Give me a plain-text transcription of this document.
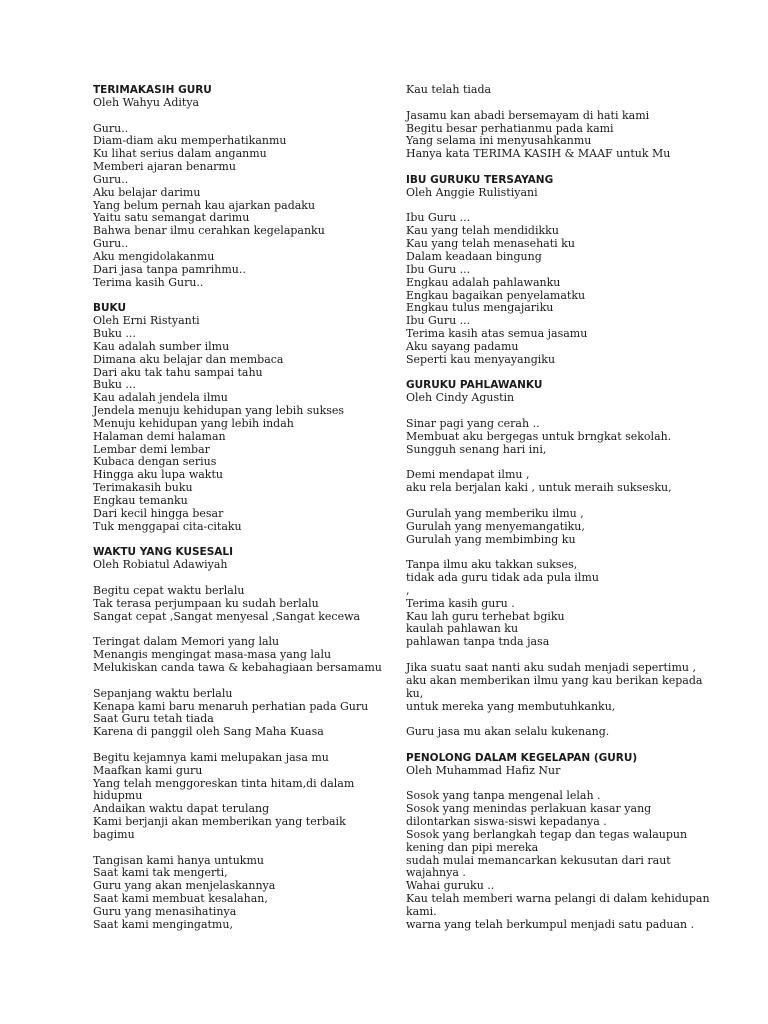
TERIMAKASIH GURU
Oleh Wahyu Aditya
Guru..
Diam-diam aku memperhatikanmu
Ku lihat serius dalam anganmu
Memberi ajaran benarmu
Guru..
Aku belajar darimu
Yang belum pernah kau ajarkan padaku
Yaitu satu semangat darimu
Bahwa benar ilmu cerahkan kegelapanku
Guru..
Aku mengidolakanmu
Dari jasa tanpa pamrihmu..
Terima kasih Guru..
BUKU
Oleh Erni Ristyanti
Buku ...
Kau adalah sumber ilmu
Dimana aku belajar dan membaca
Dari aku tak tahu sampai tahu
Buku ...
Kau adalah jendela ilmu
Jendela menuju kehidupan yang lebih sukses
Menuju kehidupan yang lebih indah
Halaman demi halaman
Lembar demi lembar
Kubaca dengan serius
Hingga aku lupa waktu
Terimakasih buku
Engkau temanku
Dari kecil hingga besar
Tuk menggapai cita-citaku
WAKTU YANG KUSESALI
Oleh Robiatul Adawiyah
Begitu cepat waktu berlalu
Tak terasa perjumpaan ku sudah berlalu
Sangat cepat ,Sangat menyesal ,Sangat kecewa
Teringat dalam Memori yang lalu
Menangis mengingat masa-masa yang lalu
Melukiskan canda tawa & kebahagiaan bersamamu
Sepanjang waktu berlalu
Kenapa kami baru menaruh perhatian pada Guru
Saat Guru tetah tiada
Karena di panggil oleh Sang Maha Kuasa
Begitu kejamnya kami melupakan jasa mu
Maafkan kami guru
Yang telah menggoreskan tinta hitam,di dalam
hidupmu
Andaikan waktu dapat terulang
Kami berjanji akan memberikan yang terbaik
bagimu
Tangisan kami hanya untukmu
Saat kami tak mengerti,
Guru yang akan menjelaskannya
Saat kami membuat kesalahan,
Guru yang menasihatinya
Saat kami mengingatmu,
Kau telah tiada
Jasamu kan abadi bersemayam di hati kami
Begitu besar perhatianmu pada kami
Yang selama ini menyusahkanmu
Hanya kata TERIMA KASIH & MAAF untuk Mu
IBU GURUKU TERSAYANG
Oleh Anggie Rulistiyani
Ibu Guru ...
Kau yang telah mendidikku
Kau yang telah menasehati ku
Dalam keadaan bingung
Ibu Guru ...
Engkau adalah pahlawanku
Engkau bagaikan penyelamatku
Engkau tulus mengajariku
Ibu Guru ...
Terima kasih atas semua jasamu
Aku sayang padamu
Seperti kau menyayangiku
GURUKU PAHLAWANKU
Oleh Cindy Agustin
Sinar pagi yang cerah ..
Membuat aku bergegas untuk brngkat sekolah.
Sungguh senang hari ini,
Demi mendapat ilmu ,
aku rela berjalan kaki , untuk meraih suksesku,
Gurulah yang memberiku ilmu ,
Gurulah yang menyemangatiku,
Gurulah yang membimbing ku
Tanpa ilmu aku takkan sukses,
tidak ada guru tidak ada pula ilmu
,
Terima kasih guru .
Kau lah guru terhebat bgiku
kaulah pahlawan ku
pahlawan tanpa tnda jasa
Jika suatu saat nanti aku sudah menjadi sepertimu ,
aku akan memberikan ilmu yang kau berikan kepada
ku,
untuk mereka yang membutuhkanku,
Guru jasa mu akan selalu kukenang.
PENOLONG DALAM KEGELAPAN (GURU)
Oleh Muhammad Hafiz Nur
Sosok yang tanpa mengenal lelah .
Sosok yang menindas perlakuan kasar yang
dilontarkan siswa-siswi kepadanya .
Sosok yang berlangkah tegap dan tegas walaupun
kening dan pipi mereka
sudah mulai memancarkan kekusutan dari raut
wajahnya .
Wahai guruku ..
Kau telah memberi warna pelangi di dalam kehidupan
kami.
warna yang telah berkumpul menjadi satu paduan .
